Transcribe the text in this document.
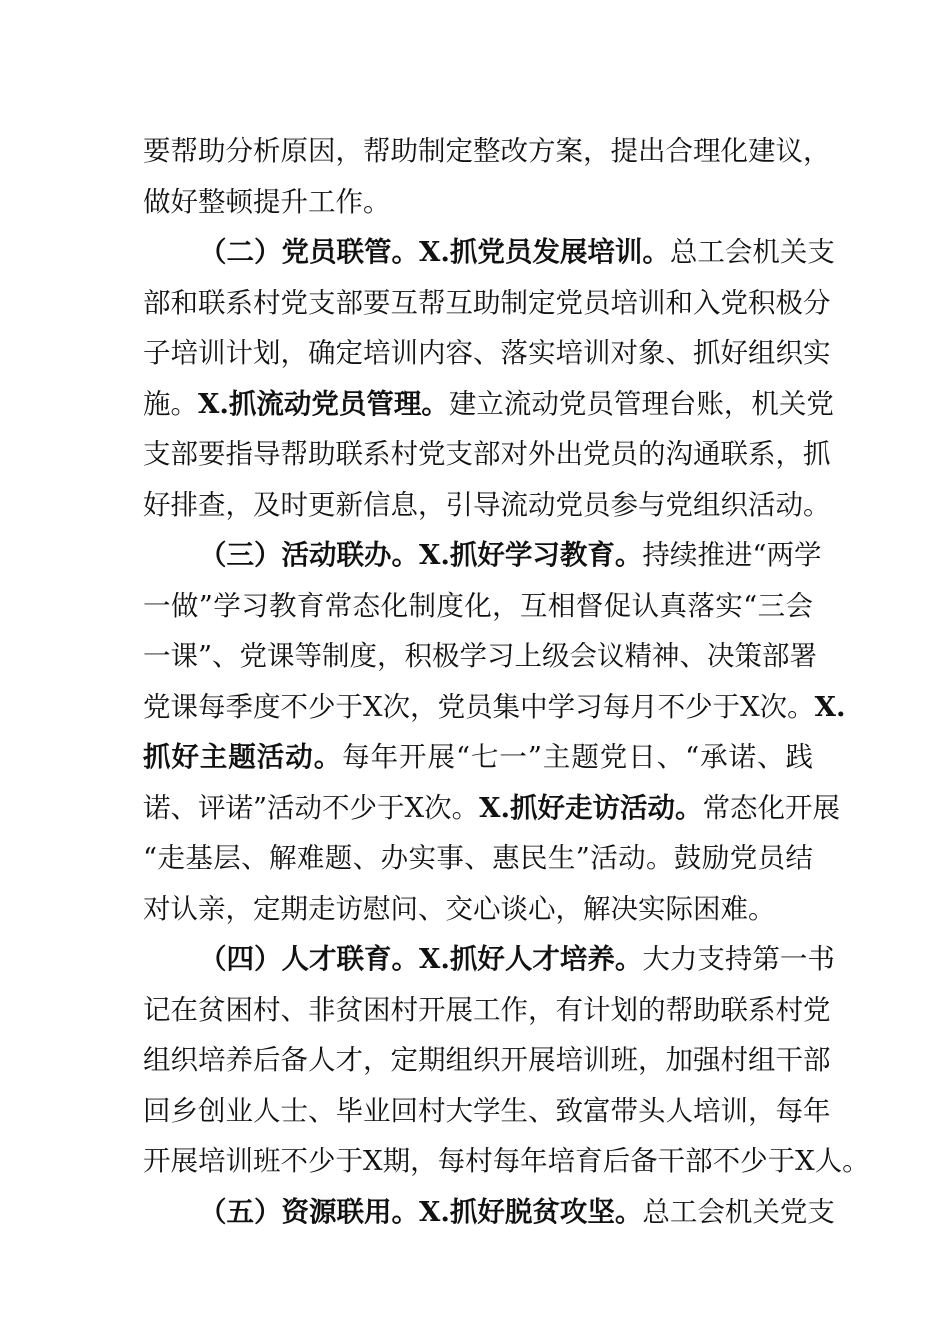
要帮助分析原因，帮助制定整改方案，提出合理化建议，
做好整顿提升工作。
（二）党员联管。X.抓党员发展培训。总工会机关支
部和联系村党支部要互帮互助制定党员培训和入党积极分
子培训计划，确定培训内容、落实培训对象、抓好组织实
施。X.抓流动党员管理。建立流动党员管理台账，机关党
支部要指导帮助联系村党支部对外出党员的沟通联系，抓
好排查，及时更新信息，引导流动党员参与党组织活动。
（三）活动联办。X.抓好学习教育。持续推进“两学
一做”学习教育常态化制度化，互相督促认真落实“三会
一课”、党课等制度，积极学习上级会议精神、决策部署
党课每季度不少于X次，党员集中学习每月不少于X次。X.
抓好主题活动。每年开展“七一”主题党日、“承诺、践
诺、评诺”活动不少于X次。X.抓好走访活动。常态化开展
“走基层、解难题、办实事、惠民生”活动。鼓励党员结
对认亲，定期走访慰问、交心谈心，解决实际困难。
（四）人才联育。X.抓好人才培养。大力支持第一书
记在贫困村、非贫困村开展工作，有计划的帮助联系村党
组织培养后备人才，定期组织开展培训班，加强村组干部
回乡创业人士、毕业回村大学生、致富带头人培训，每年
开展培训班不少于X期，每村每年培育后备干部不少于X人。
（五）资源联用。X.抓好脱贫攻坚。总工会机关党支
